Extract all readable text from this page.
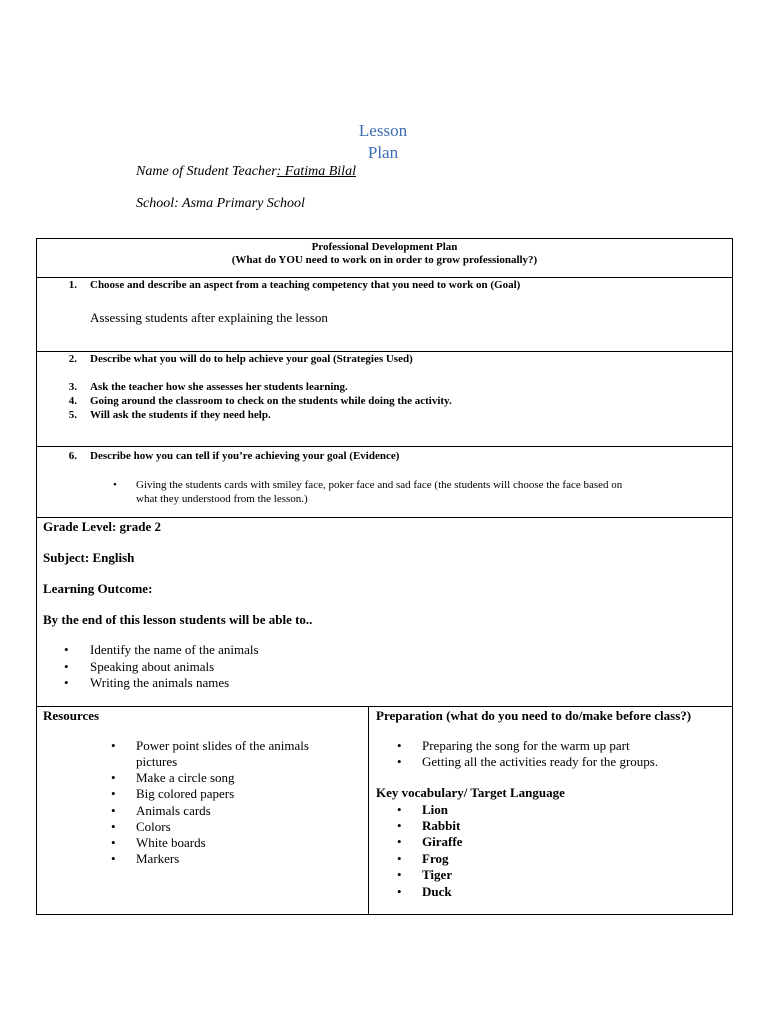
Lesson
Plan
Name of Student Teacher: Fatima Bilal
School: Asma Primary School
Professional Development Plan
(What do YOU need to work on in order to grow professionally?)
1. Choose and describe an aspect from a teaching competency that you need to work on (Goal)
Assessing students after explaining the lesson
2. Describe what you will do to help achieve your goal (Strategies Used)
3. Ask the teacher how she assesses her students learning.
4. Going around the classroom to check on the students while doing the activity.
5. Will ask the students if they need help.
6. Describe how you can tell if you’re achieving your goal (Evidence)
• Giving the students cards with smiley face, poker face and sad face (the students will choose the face based on
what they understood from the lesson.)
Grade Level: grade 2
Subject: English
Learning Outcome:
By the end of this lesson students will be able to..
• Identify the name of the animals
• Speaking about animals
• Writing the animals names
Resources
• Power point slides of the animals
pictures
• Make a circle song
• Big colored papers
• Animals cards
• Colors
• White boards
• Markers
Preparation (what do you need to do/make before class?)
• Preparing the song for the warm up part
• Getting all the activities ready for the groups.
Key vocabulary/ Target Language
• Lion
• Rabbit
• Giraffe
• Frog
• Tiger
• Duck
